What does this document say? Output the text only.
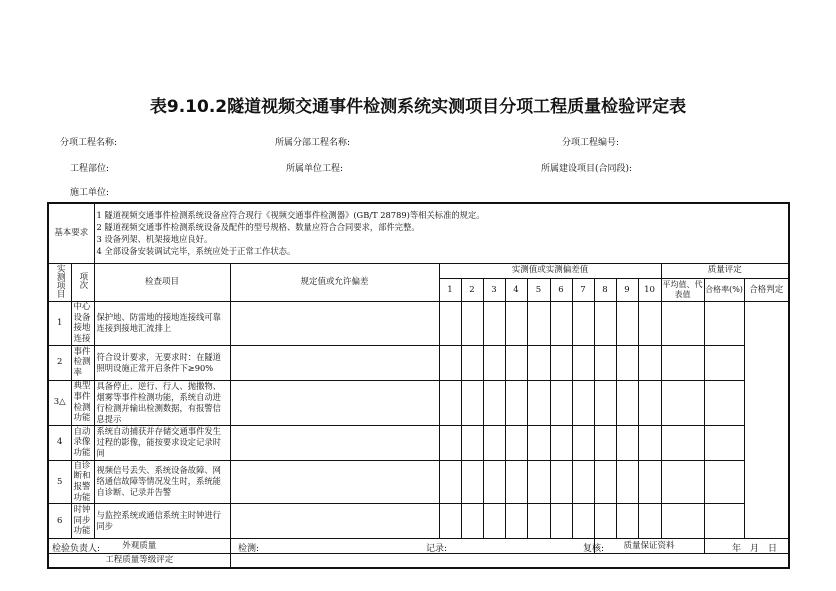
表9.10.2隧道视频交通事件检测系统实测项目分项工程质量检验评定表
分项工程名称:	所属分部工程名称:	分项工程编号:
工程部位:	所属单位工程:	所属建设项目(合同段):
施工单位:
基本要求		1 隧道视频交通事件检测系统设备应符合现行《视频交通事件检测器》(GB/T 28789)等相关标准的规定。
2 隧道视频交通事件检测系统设备及配件的型号规格、数量应符合合同要求，部件完整。
3 设备列架、机架接地应良好。
4 全部设备安装调试完毕，系统应处于正常工作状态。														

实测项目	项次	检查项目	规定值或允许偏差	实测值或实测偏差值										质量评定		
				1	2	3	4	5	6	7	8	9	10	平均值、代表值	合格率(%)	合格判定
1	中心设备接地连接	保护地、防雷地的接地连接线可靠连接到接地汇流排上														
2	事件检测率	符合设计要求，无要求时：在隧道照明设施正常开启条件下≥90%														
3△	典型事件检测功能	具备停止、逆行、行人、抛撒物、烟雾等事件检测功能，系统自动进行检测并输出检测数据，有报警信息提示														
4	自动录像功能	系统自动捕获并存储交通事件发生过程的影像，能按要求设定记录时间														
5	自诊断和报警功能	视频信号丢失、系统设备故障、网络通信故障等情况发生时，系统能自诊断、记录并告警														
6	时钟同步功能	与监控系统或通信系统主时钟进行同步														
外观质量											质量保证资料					
工程质量等级评定																
检验负责人:	检测:	记录:	复核:	年　月　日
